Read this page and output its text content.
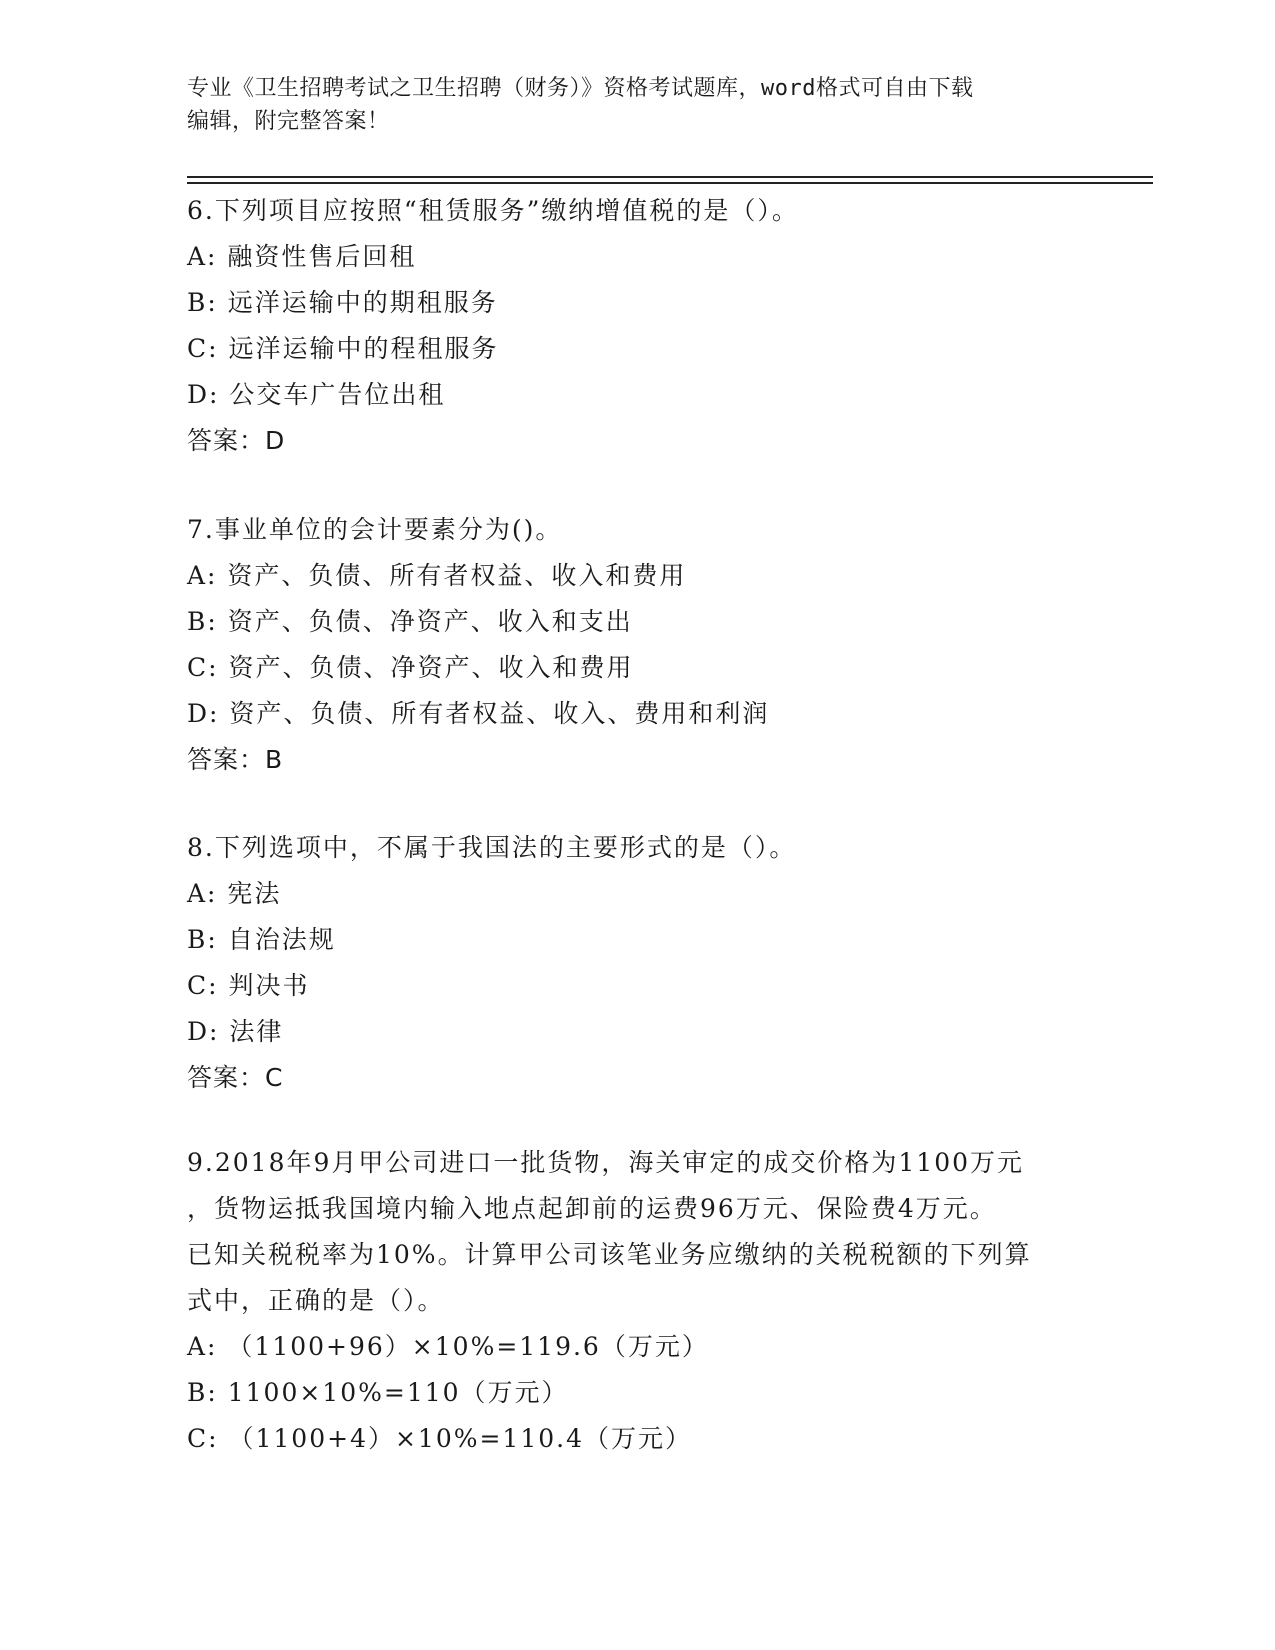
专业《卫生招聘考试之卫生招聘（财务）》资格考试题库，word格式可自由下载
编辑，附完整答案！
6.下列项目应按照“租赁服务”缴纳增值税的是（）。
A: 融资性售后回租
B: 远洋运输中的期租服务
C: 远洋运输中的程租服务
D: 公交车广告位出租
答案：D
7.事业单位的会计要素分为()。
A: 资产、负债、所有者权益、收入和费用
B: 资产、负债、净资产、收入和支出
C: 资产、负债、净资产、收入和费用
D: 资产、负债、所有者权益、收入、费用和利润
答案：B
8.下列选项中，不属于我国法的主要形式的是（）。
A: 宪法
B: 自治法规
C: 判决书
D: 法律
答案：C
9.2018年9月甲公司进口一批货物，海关审定的成交价格为1100万元
，货物运抵我国境内输入地点起卸前的运费96万元、保险费4万元。
已知关税税率为10%。计算甲公司该笔业务应缴纳的关税税额的下列算
式中，正确的是（）。
A: （1100+96）×10%=119.6（万元）
B: 1100×10%=110（万元）
C: （1100+4）×10%=110.4（万元）
